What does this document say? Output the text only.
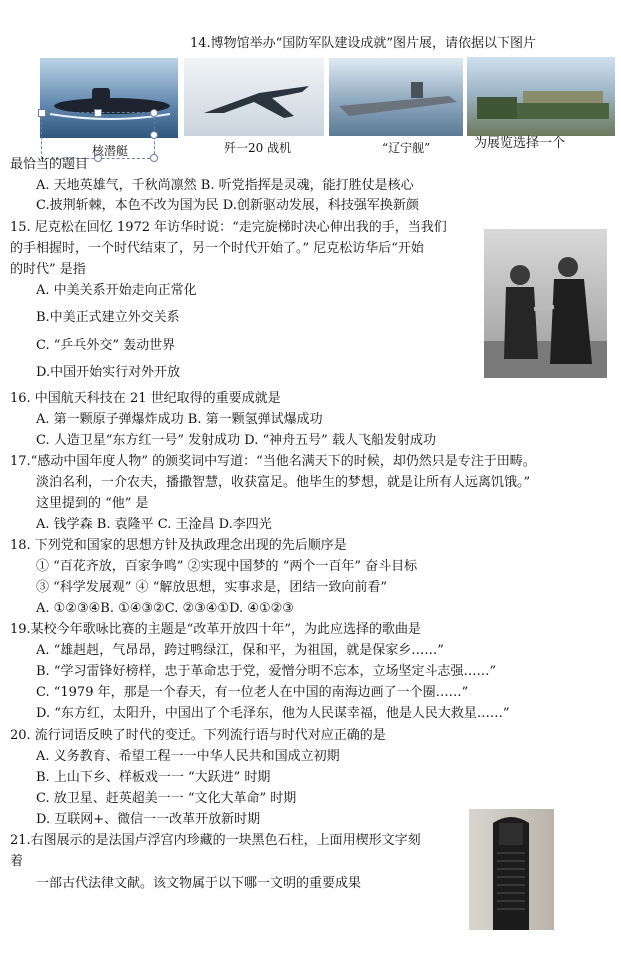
14.博物馆举办“国防军队建设成就”图片展，请依据以下图片
核潜艇	歼一20 战机	“辽宁舰”	为展览选择一个
最恰当的题目
A. 天地英雄气，千秋尚凛然 B. 听党指挥是灵魂，能打胜仗是核心
C.披荆斩棘，本色不改为国为民 D.创新驱动发展，科技强军换新颜
15. 尼克松在回忆 1972 年访华时说：“走完旋梯时决心伸出我的手，当我们
的手相握时，一个时代结束了，另一个时代开始了。” 尼克松访华后“开始
的时代” 是指
A. 中美关系开始走向正常化
B.中美正式建立外交关系
C. “乒乓外交” 轰动世界
D.中国开始实行对外开放
16. 中国航天科技在 21 世纪取得的重要成就是
A. 第一颗原子弹爆炸成功 B. 第一颗氢弹试爆成功
C. 人造卫星“东方红一号” 发射成功 D. “神舟五号” 载人飞船发射成功
17.“感动中国年度人物” 的颁奖词中写道：“当他名满天下的时候，却仍然只是专注于田畴。
淡泊名利，一介农夫，播撒智慧，收获富足。他毕生的梦想，就是让所有人远离饥饿。”
这里提到的 “他” 是
A. 钱学森 B. 袁隆平 C. 王淦昌 D.李四光
18. 下列党和国家的思想方针及执政理念出现的先后顺序是
① “百花齐放，百家争鸣” ②实现中国梦的 “两个一百年” 奋斗目标
③ “科学发展观” ④ “解放思想，实事求是，团结一致向前看”
A. ①②③④B. ①④③②C. ②③④①D. ④①②③
19.某校今年歌咏比赛的主题是“改革开放四十年”，为此应选择的歌曲是
A. “雄赳赳，气昂昂，跨过鸭绿江，保和平，为祖国，就是保家乡……”
B. “学习雷锋好榜样，忠于革命忠于党，爱憎分明不忘本，立场坚定斗志强……”
C. “1979 年，那是一个春天，有一位老人在中国的南海边画了一个圈……”
D. “东方红，太阳升，中国出了个毛泽东，他为人民谋幸福，他是人民大救星……”
20. 流行词语反映了时代的变迁。下列流行语与时代对应正确的是
A. 义务教育、希望工程一一中华人民共和国成立初期
B. 上山下乡、样板戏一一 “大跃进” 时期
C. 放卫星、赶英超美一一 “文化大革命” 时期
D. 互联网+、微信一一改革开放新时期
21.右图展示的是法国卢浮宫内珍藏的一块黑色石柱，上面用楔形文字刻
着
一部古代法律文献。该文物属于以下哪一文明的重要成果
